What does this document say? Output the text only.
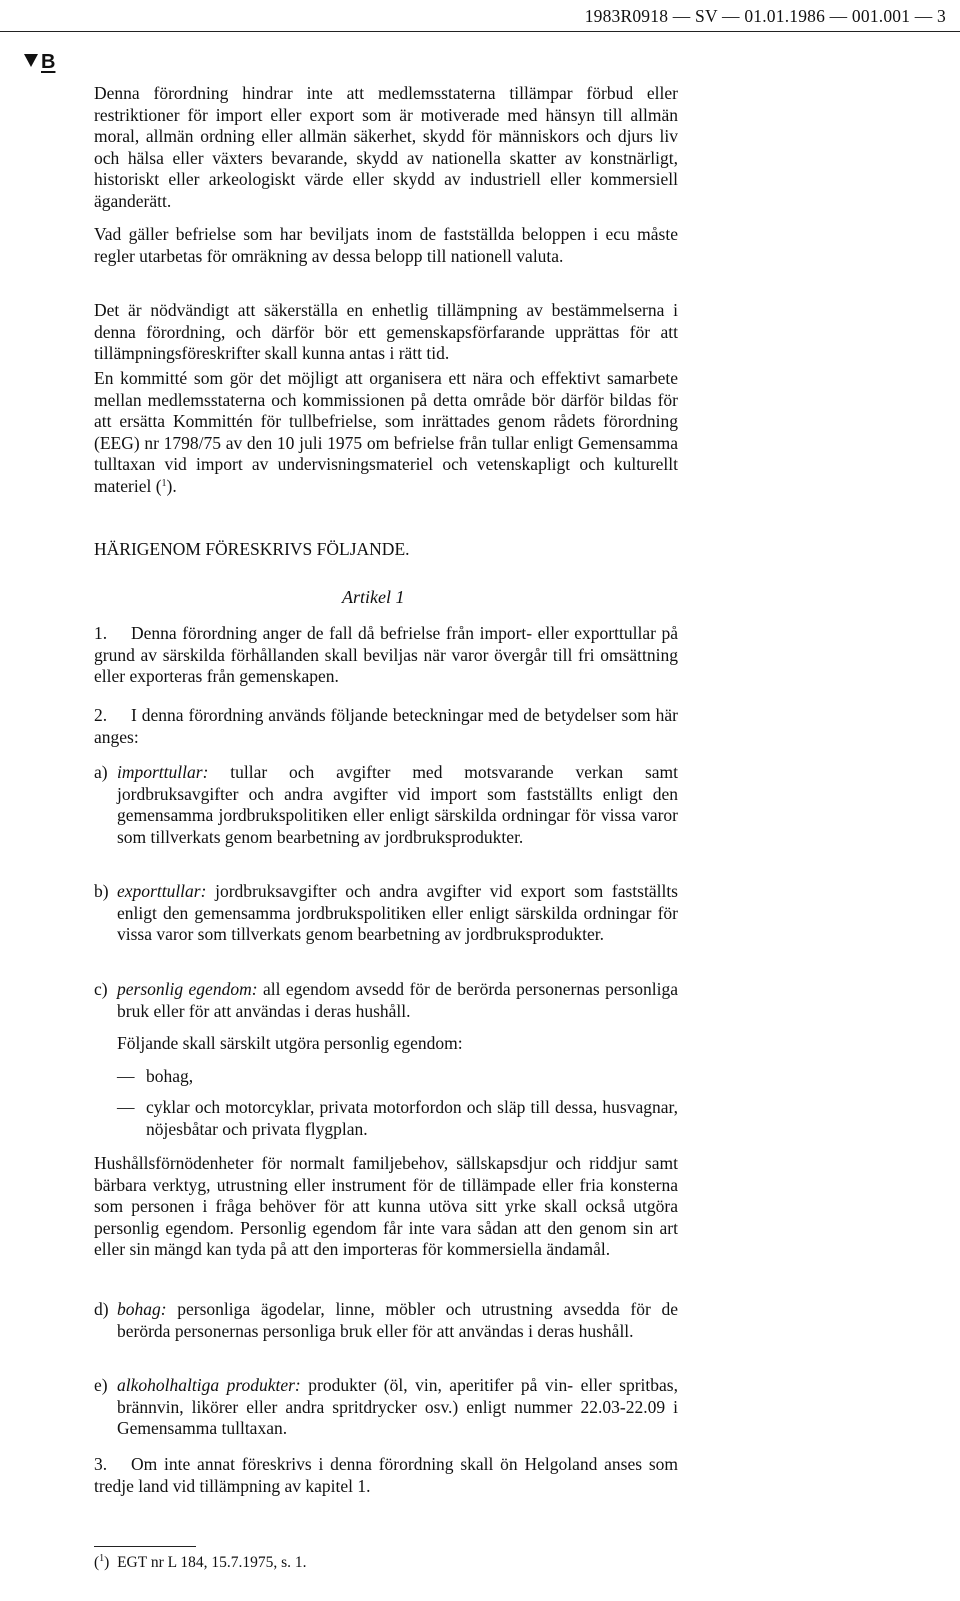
1983R0918 — SV — 01.01.1986 — 001.001 — 3
B

Denna förordning hindrar inte att medlemsstaterna tillämpar förbud eller restriktioner för import eller export som är motiverade med hänsyn till allmän moral, allmän ordning eller allmän säkerhet, skydd för människors och djurs liv och hälsa eller växters bevarande, skydd av nationella skatter av konstnärligt, historiskt eller arkeologiskt värde eller skydd av industriell eller kommersiell äganderätt.

Vad gäller befrielse som har beviljats inom de fastställda beloppen i ecu måste regler utarbetas för omräkning av dessa belopp till nationell valuta.

Det är nödvändigt att säkerställa en enhetlig tillämpning av bestämmelserna i denna förordning, och därför bör ett gemenskapsförfarande upprättas för att tillämpningsföreskrifter skall kunna antas i rätt tid.

En kommitté som gör det möjligt att organisera ett nära och effektivt samarbete mellan medlemsstaterna och kommissionen på detta område bör därför bildas för att ersätta Kommittén för tullbefrielse, som inrättades genom rådets förordning (EEG) nr 1798/75 av den 10 juli 1975 om befrielse från tullar enligt Gemensamma tulltaxan vid import av undervisningsmateriel och vetenskapligt och kulturellt materiel ($^1$).

HÄRIGENOM FÖRESKRIVS FÖLJANDE.
Artikel 1

1. Denna förordning anger de fall då befrielse från import- eller exporttullar på grund av särskilda förhållanden skall beviljas när varor övergår till fri omsättning eller exporteras från gemenskapen.

2. I denna förordning används följande beteckningar med de betydelser som här anges:

a) importtullar: tullar och avgifter med motsvarande verkan samt jordbruksavgifter och andra avgifter vid import som fastställts enligt den gemensamma jordbrukspolitiken eller enligt särskilda ordningar för vissa varor som tillverkats genom bearbetning av jordbruksprodukter.
b) exporttullar: jordbruksavgifter och andra avgifter vid export som fastställts enligt den gemensamma jordbrukspolitiken eller enligt särskilda ordningar för vissa varor som tillverkats genom bearbetning av jordbruksprodukter.
c) personlig egendom: all egendom avsedd för de berörda personernas personliga bruk eller för att användas i deras hushåll.
Följande skall särskilt utgöra personlig egendom:
— bohag,
— cyklar och motorcyklar, privata motorfordon och släp till dessa, husvagnar, nöjesbåtar och privata flygplan.

Hushållsförnödenheter för normalt familjebehov, sällskapsdjur och riddjur samt bärbara verktyg, utrustning eller instrument för de tillämpade eller fria konsterna som personen i fråga behöver för att kunna utöva sitt yrke skall också utgöra personlig egendom. Personlig egendom får inte vara sådan att den genom sin art eller sin mängd kan tyda på att den importeras för kommersiella ändamål.

d) bohag: personliga ägodelar, linne, möbler och utrustning avsedda för de berörda personernas personliga bruk eller för att användas i deras hushåll.
e) alkoholhaltiga produkter: produkter (öl, vin, aperitifer på vin- eller spritbas, brännvin, likörer eller andra spritdrycker osv.) enligt nummer 22.03-22.09 i Gemensamma tulltaxan.

3. Om inte annat föreskrivs i denna förordning skall ön Helgoland anses som tredje land vid tillämpning av kapitel 1.

($^1$) EGT nr L 184, 15.7.1975, s. 1.
